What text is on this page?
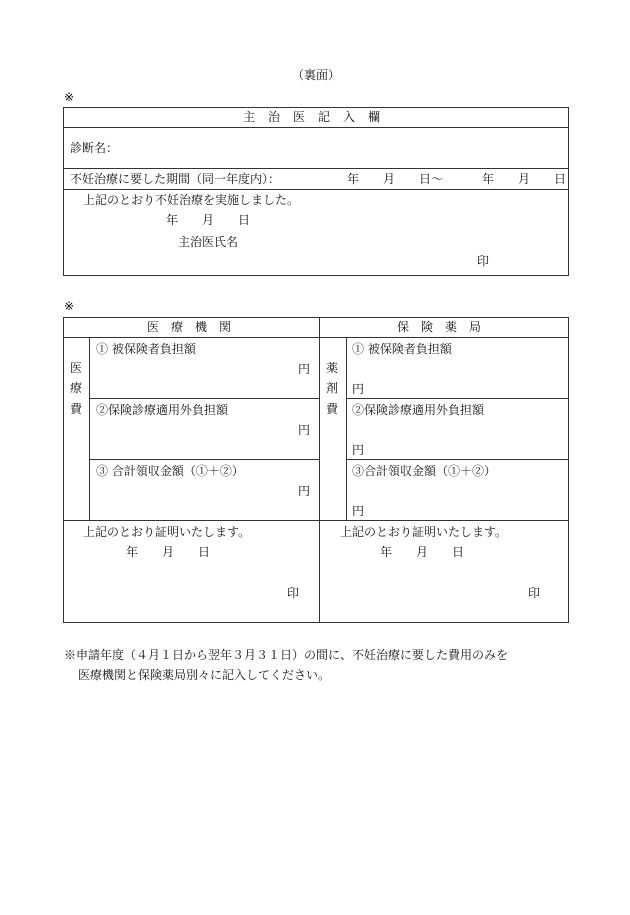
（裏面）
※
主　治　医　記　入　欄
診断名：
不妊治療に要した期間（同一年度内）：	年　　月　　日〜	年　　月　　日
上記のとおり不妊治療を実施しました。
年　　月　　日
主治医氏名
印
※
医　療　機　関
医
療
費
① 被保険者負担額
円
②保険診療適用外負担額
円
③ 合計領収金額（①＋②）
円
上記のとおり証明いたします。
年　　月　　日
印
保　険　薬　局
薬
剤
費
① 被保険者負担額
円
②保険診療適用外負担額
円
③合計領収金額（①＋②）
円
上記のとおり証明いたします。
年　　月　　日
印
※申請年度（４月１日から翌年３月３１日）の間に、不妊治療に要した費用のみを
医療機関と保険薬局別々に記入してください。
